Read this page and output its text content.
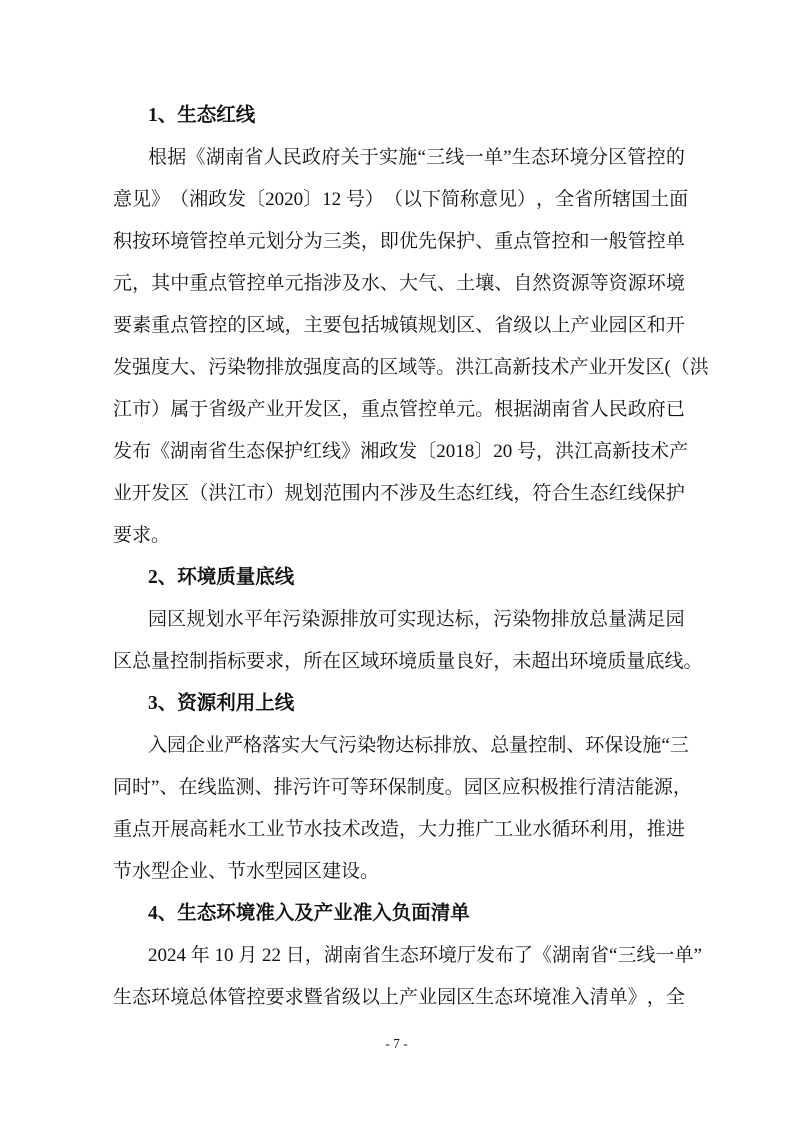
1、生态红线
根 据 《 湖 南 省 人 民 政 府 关 于 实 施 “ 三 线 一 单 ” 生 态 环 境 分 区 管 控 的
意 见 》 （ 湘 政 发 〔 2 0 2 0 〕 1 2
号 ） （ 以 下 简 称 意 见 ） ， 全 省 所 辖 国 土 面
积 按 环 境 管 控 单 元 划 分 为 三 类 ， 即 优 先 保 护 、 重 点 管 控 和 一 般 管 控 单
元 ， 其 中 重 点 管 控 单 元 指 涉 及 水 、 大 气 、 土 壤 、 自 然 资 源 等 资 源 环 境
要 素 重 点 管 控 的 区 域 ， 主 要 包 括 城 镇 规 划 区 、 省 级 以 上 产 业 园 区 和 开
发 强 度 大 、 污 染 物 排 放 强 度 高 的 区 域 等 。 洪 江 高 新 技 术 产 业 开 发 区 ( （ 洪
江 市 ） 属 于 省 级 产 业 开 发 区 ， 重 点 管 控 单 元 。 根 据 湖 南 省 人 民 政 府 已
发 布 《 湖 南 省 生 态 保 护 红 线 》 湘 政 发 〔 2 0 1 8 〕 2 0
号 ， 洪 江 高 新 技 术 产
业 开 发 区 （ 洪 江 市 ） 规 划 范 围 内 不 涉 及 生 态 红 线 ， 符 合 生 态 红 线 保 护
要求。
2、环境质量底线
园 区 规 划 水 平 年 污 染 源 排 放 可 实 现 达 标 ， 污 染 物 排 放 总 量 满 足 园
区 总 量 控 制 指 标 要 求 ， 所 在 区 域 环 境 质 量 良 好 ， 未 超 出 环 境 质 量 底 线 。
3、资源利用上线
入 园 企 业 严 格 落 实 大 气 污 染 物 达 标 排 放 、 总 量 控 制 、 环 保 设 施 “ 三
同 时 ” 、 在 线 监 测 、 排 污 许 可 等 环 保 制 度 。 园 区 应 积 极 推 行 清 洁 能 源 ，
重 点 开 展 高 耗 水 工 业 节 水 技 术 改 造 ， 大 力 推 广 工 业 水 循 环 利 用 ， 推 进
节水型企业、节水型园区建设。
4、生态环境准入及产业准入负面清单
2 0 2 4
年
1 0
月
2 2
日 ， 湖 南 省 生 态 环 境 厅 发 布 了 《 湖 南 省 “ 三 线 一 单 ”
生 态 环 境 总 体 管 控 要 求 暨 省 级 以 上 产 业 园 区 生 态 环 境 准 入 清 单 》 ， 全
- 7 -
